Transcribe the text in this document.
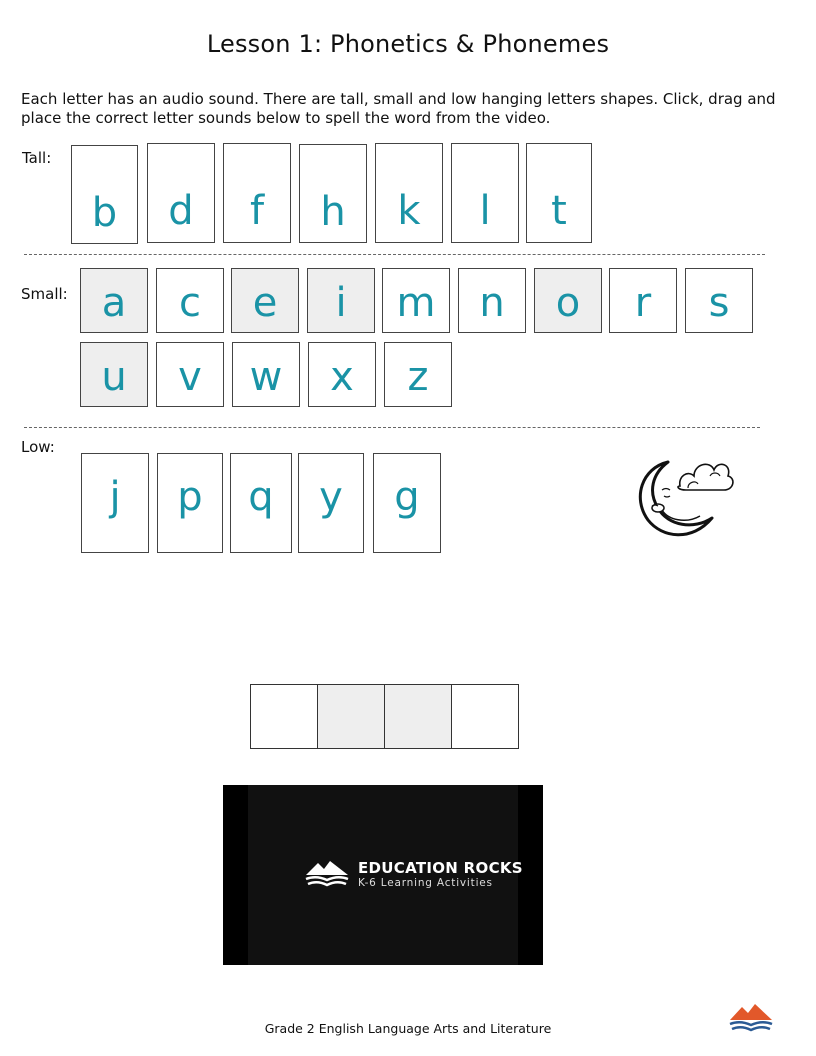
Lesson 1: Phonetics & Phonemes
Each letter has an audio sound. There are tall, small and low hanging letters shapes. Click, drag and place the correct letter sounds below to spell the word from the video.
Tall:
b d f h k l t
Small: a c e i m n o r s
u v w x z
Low:
j p q y g
EDUCATION ROCKS
K-6 Learning Activities
Grade 2 English Language Arts and Literature
